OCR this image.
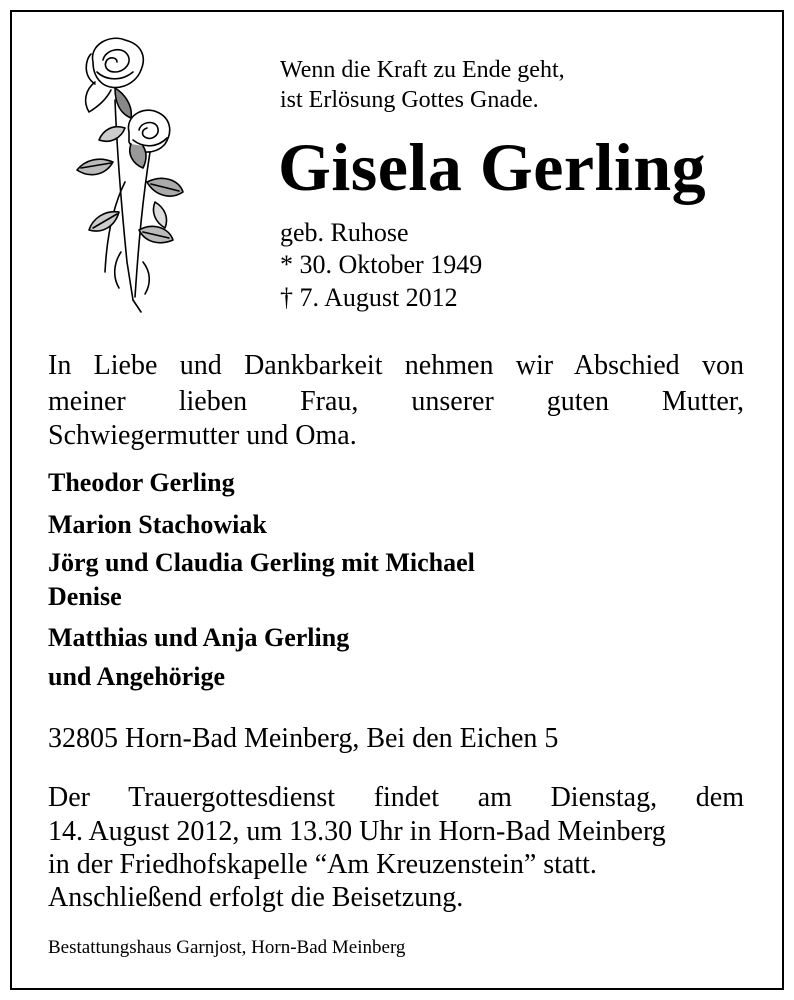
Wenn die Kraft zu Ende geht,
ist Erlösung Gottes Gnade.
Gisela Gerling
geb. Ruhose
* 30. Oktober 1949
† 7. August 2012
In Liebe und Dankbarkeit nehmen wir Abschied von
meiner lieben Frau, unserer guten Mutter,
Schwiegermutter und Oma.
Theodor Gerling
Marion Stachowiak
Jörg und Claudia Gerling mit Michael
Denise
Matthias und Anja Gerling
und Angehörige
32805 Horn-Bad Meinberg, Bei den Eichen 5
Der Trauergottesdienst findet am Dienstag, dem
14. August 2012, um 13.30 Uhr in Horn-Bad Meinberg
in der Friedhofskapelle “Am Kreuzenstein” statt.
Anschließend erfolgt die Beisetzung.
Bestattungshaus Garnjost, Horn-Bad Meinberg
